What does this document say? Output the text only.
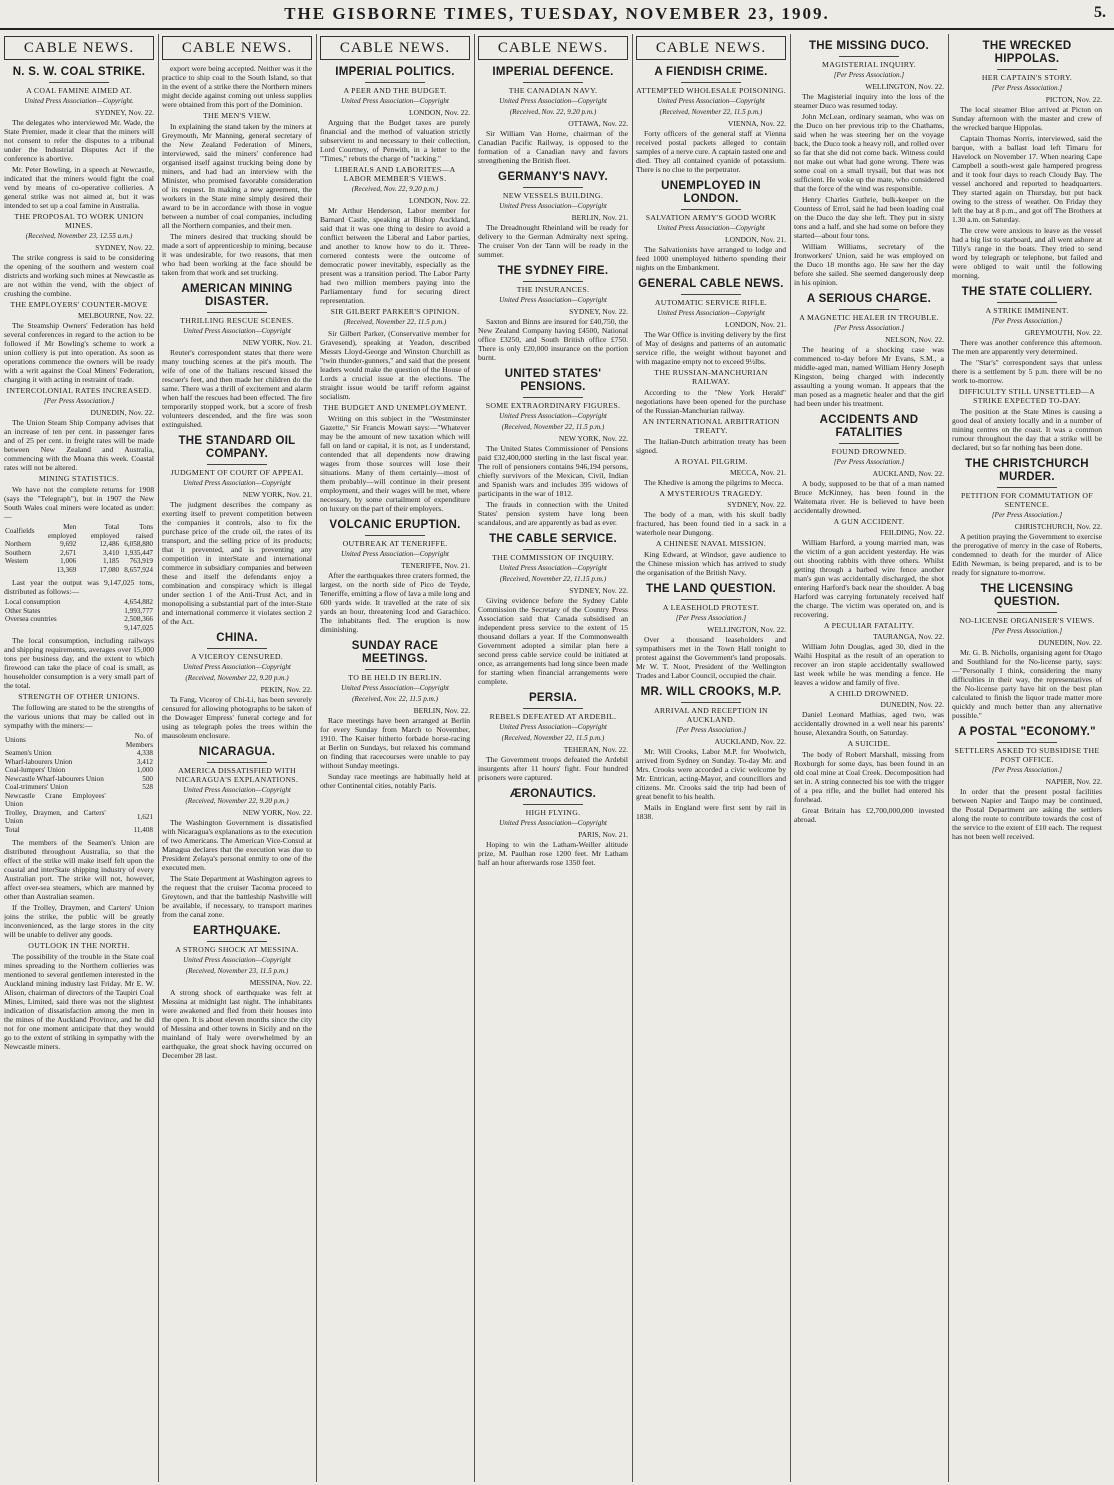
THE GISBORNE TIMES, TUESDAY, NOVEMBER 23, 1909.	5.
CABLE NEWS.
N. S. W. COAL STRIKE.
A COAL FAMINE AIMED AT.
United Press Association—Copyright.
SYDNEY, Nov. 22.

The delegates who interviewed Mr. Wade, the State Premier, made it clear that the miners will not consent to refer the disputes to a tribunal under the Industrial Disputes Act if the conference is abortive.

Mr. Peter Bowling, in a speech at Newcastle, indicated that the miners would fight the coal vend by means of co-operative collieries. A general strike was not aimed at, but it was intended to set up a coal famine in Australia.

THE PROPOSAL TO WORK UNION MINES.
(Received, November 23, 12.55 a.m.)
SYDNEY, Nov. 22.

The strike congress is said to be considering the opening of the southern and western coal districts and working such mines at Newcastle as are not within the vend, with the object of crushing the combine.

THE EMPLOYERS' COUNTER-MOVE
MELBOURNE, Nov. 22.

The Steamship Owners' Federation has held several conferences in regard to the action to be followed if Mr Bowling's scheme to work a union colliery is put into operation. As soon as operations commence the owners will be ready with a writ against the Coal Miners' Federation, charging it with acting in restraint of trade.

INTERCOLONIAL RATES INCREASED.
[Per Press Association.]
DUNEDIN, Nov. 22.

The Union Steam Ship Company advises that an increase of ten per cent. in passenger fares and of 25 per cent. in freight rates will be made between New Zealand and Australia, commencing with the Moana this week. Coastal rates will not be altered.

MINING STATISTICS.

We have not the complete returns for 1908 (says the "Telegraph"), but in 1907 the New South Wales coal miners were located as under:—

Coalfields	Men employed	Total employed	Tons raised
Northern	9,692	12,486	6,058,880
Southern	2,671	3,410	1,935,447
Western	1,006	1,185	763,919
	13,369	17,080	8,657,924

Last year the output was 9,147,025 tons, distributed as follows:—

Local consumption	4,654,882
Other States	1,993,777
Oversea countries	2,508,366
	9,147,025

The local consumption, including railways and shipping requirements, averages over 15,000 tons per business day, and the extent to which firewood can take the place of coal is small, as householder consumption is a very small part of the total.

STRENGTH OF OTHER UNIONS.

The following are stated to be the strengths of the various unions that may be called out in sympathy with the miners:—

Unions	No. of Members
Seamen's Union	4,338
Wharf-labourers Union	3,412
Coal-lumpers' Union	1,000
Newcastle Wharf-labourers Union	500
Coal-trimmers' Union	528
Newcastle Crane Employees' Union	
Trolley, Draymen, and Carters' Union	1,621
Total	11,408

The members of the Seamen's Union are distributed throughout Australia, so that the effect of the strike will make itself felt upon the coastal and interState shipping industry of every Australian port. The strike will not, however, affect over-sea steamers, which are manned by other than Australian seamen.

If the Trolley, Draymen, and Carters' Union joins the strike, the public will be greatly inconvenienced, as the large stores in the city will be unable to deliver any goods.

OUTLOOK IN THE NORTH.

The possibility of the trouble in the State coal mines spreading to the Northern collieries was mentioned to several gentlemen interested in the Auckland mining industry last Friday. Mr E. W. Alison, chairman of directors of the Taupiri Coal Mines, Limited, said there was not the slightest indication of dissatisfaction among the men in the mines of the Auckland Province, and he did not for one moment anticipate that they would go to the extent of striking in sympathy with the Newcastle miners.

CABLE NEWS.

export were being accepted. Neither was it the practice to ship coal to the South Island, so that in the event of a strike there the Northern miners might decide against coming out unless supplies were obtained from this port of the Dominion.

THE MEN'S VIEW.

In explaining the stand taken by the miners at Greymouth, Mr Manning, general secretary of the New Zealand Federation of Miners, interviewed, said the miners' conference had organised itself against trucking being done by miners, and had had an interview with the Minister, who promised favorable consideration of its request. In making a new agreement, the workers in the State mine simply desired their award to be in accordance with those in vogue between a number of coal companies, including all the Northern companies, and their men.

The miners desired that trucking should be made a sort of apprenticeship to mining, because it was undesirable, for two reasons, that men who had been working at the face should be taken from that work and set trucking.

AMERICAN MINING DISASTER.
THRILLING RESCUE SCENES.
United Press Association—Copyright
NEW YORK, Nov. 21.

Reuter's correspondent states that there were many touching scenes at the pit's mouth. The wife of one of the Italians rescued kissed the rescuer's feet, and then made her children do the same. There was a thrill of excitement and alarm when half the rescues had been effected. The fire temporarily stopped work, but a score of fresh volunteers descended, and the fire was soon extinguished.

THE STANDARD OIL COMPANY.
JUDGMENT OF COURT OF APPEAL
United Press Association—Copyright
NEW YORK, Nov. 21.

The judgment describes the company as exerting itself to prevent competition between the companies it controls, also to fix the purchase price of the crude oil, the rates of its transport, and the selling price of its products; that it prevented, and is preventing any competition in interState and international commerce in subsidiary companies and between these and itself the defendants enjoy a combination and conspiracy which is illegal under section 1 of the Anti-Trust Act, and in monopolising a substantial part of the inter-State and international commerce it violates section 2 of the Act.

CHINA.
A VICEROY CENSURED.
United Press Association—Copyright
(Received, November 22, 9.20 p.m.)
PEKIN, Nov. 22.

Ta Fang, Viceroy of Chi-Li, has been severely censured for allowing photographs to be taken of the Dowager Empress' funeral cortege and for using as telegraph poles the trees within the mausoleum enclosure.

NICARAGUA.
AMERICA DISSATISFIED WITH NICARAGUA'S EXPLANATIONS.
United Press Association—Copyright
(Received, November 22, 9.20 p.m.)
NEW YORK, Nov. 22.

The Washington Government is dissatisfied with Nicaragua's explanations as to the execution of two Americans. The American Vice-Consul at Managua declares that the execution was due to President Zelaya's personal enmity to one of the executed men.

The State Department at Washington agrees to the request that the cruiser Tacoma proceed to Greytown, and that the battleship Nashville will be available, if necessary, to transport marines from the canal zone.

EARTHQUAKE.
A STRONG SHOCK AT MESSINA.
United Press Association—Copyright
(Received, November 23, 11.5 p.m.)
MESSINA, Nov. 22.

A strong shock of earthquake was felt at Messina at midnight last night. The inhabitants were awakened and fled from their houses into the open. It is about eleven months since the city of Messina and other towns in Sicily and on the mainland of Italy were overwhelmed by an earthquake, the great shock having occurred on December 28 last.

CABLE NEWS.
IMPERIAL POLITICS.
A PEER AND THE BUDGET.
United Press Association—Copyright
LONDON, Nov. 22.

Arguing that the Budget taxes are purely financial and the method of valuation strictly subservient to and necessary to their collection, Lord Courtney, of Penwith, in a letter to the "Times," rebuts the charge of "tacking."

LIBERALS AND LABORITES—A LABOR MEMBER'S VIEWS.
(Received, Nov. 22, 9.20 p.m.)
LONDON, Nov. 22.

Mr Arthur Henderson, Labor member for Barnard Castle, speaking at Bishop Auckland, said that it was one thing to desire to avoid a conflict between the Liberal and Labor parties, and another to know how to do it. Three-cornered contests were the outcome of democratic power inevitably, especially as the present was a transition period. The Labor Party had two million members paying into the Parliamentary fund for securing direct representation.

SIR GILBERT PARKER'S OPINION.
(Received, November 22, 11.5 p.m.)

Sir Gilbert Parker, (Conservative member for Gravesend), speaking at Yeadon, described Messrs Lloyd-George and Winston Churchill as "twin thunder-gunners," and said that the present leaders would make the question of the House of Lords a crucial issue at the elections. The straight issue would be tariff reform against socialism.

THE BUDGET AND UNEMPLOYMENT.

Writing on this subject in the "Westminster Gazette," Sir Francis Mowatt says:—"Whatever may be the amount of new taxation which will fall on land or capital, it is not, as I understand, contended that all dependents now drawing wages from those sources will lose their situations. Many of them certainly—most of them probably—will continue in their present employment, and their wages will be met, where necessary, by some curtailment of expenditure on luxury on the part of their employers.

VOLCANIC ERUPTION.
OUTBREAK AT TENERIFFE.
United Press Association—Copyright
TENERIFFE, Nov. 21.

After the earthquakes three craters formed, the largest, on the north side of Pico de Teyde, Teneriffe, emitting a flow of lava a mile long and 600 yards wide. It travelled at the rate of six yards an hour, threatening Icod and Garachico. The inhabitants fled. The eruption is now diminishing.

SUNDAY RACE MEETINGS.
TO BE HELD IN BERLIN.
United Press Association—Copyright
(Received, Nov. 22, 11.5 p.m.)
BERLIN, Nov. 22.

Race meetings have been arranged at Berlin for every Sunday from March to November, 1910. The Kaiser hitherto forbade horse-racing at Berlin on Sundays, but relaxed his command on finding that racecourses were unable to pay without Sunday meetings.

Sunday race meetings are habitually held at other Continental cities, notably Paris.

CABLE NEWS.
IMPERIAL DEFENCE.
THE CANADIAN NAVY.
United Press Association—Copyright
(Received, Nov. 22, 9.20 p.m.)
OTTAWA, Nov. 22.

Sir William Van Horne, chairman of the Canadian Pacific Railway, is opposed to the formation of a Canadian navy and favors strengthening the British fleet.

GERMANY'S NAVY.
NEW VESSELS BUILDING.
United Press Association—Copyright
BERLIN, Nov. 21.

The Dreadnought Rheinland will be ready for delivery to the German Admiralty next spring. The cruiser Von der Tann will be ready in the summer.

THE SYDNEY FIRE.
THE INSURANCES.
United Press Association—Copyright
SYDNEY, Nov. 22.

Saxton and Binns are insured for £40,750, the New Zealand Company having £4500, National office £3250, and South British office £750. There is only £20,000 insurance on the portion burnt.

UNITED STATES' PENSIONS.
SOME EXTRAORDINARY FIGURES.
United Press Association—Copyright
(Received, November 22, 11.5 p.m.)
NEW YORK, Nov. 22.

The United States Commissioner of Pensions paid £32,400,000 sterling in the last fiscal year. The roll of pensioners contains 946,194 persons, chiefly survivors of the Mexican, Civil, Indian and Spanish wars and includes 395 widows of participants in the war of 1812.

The frauds in connection with the United States' pension system have long been scandalous, and are apparently as bad as ever.

THE CABLE SERVICE.
THE COMMISSION OF INQUIRY.
United Press Association—Copyright
(Received, November 22, 11.15 p.m.)
SYDNEY, Nov. 22.

Giving evidence before the Sydney Cable Commission the Secretary of the Country Press Association said that Canada subsidised an independent press service to the extent of 15 thousand dollars a year. If the Commonwealth Government adopted a similar plan here a second press cable service could be initiated at once, as arrangements had long since been made for starting when financial arrangements were complete.

PERSIA.
REBELS DEFEATED AT ARDEBIL.
United Press Association—Copyright
(Received, November 22, 11.5 p.m.)
TEHERAN, Nov. 22.

The Government troops defeated the Ardebil insurgents after 11 hours' fight. Four hundred prisoners were captured.

ÆRONAUTICS.
HIGH FLYING.
United Press Association—Copyright
PARIS, Nov. 21.

Hoping to win the Latham-Weiller altitude prize, M. Paulhan rose 1200 feet. Mr Latham half an hour afterwards rose 1350 feet.

CABLE NEWS.
A FIENDISH CRIME.
ATTEMPTED WHOLESALE POISONING.
United Press Association—Copyright
(Received, November 22, 11.5 p.m.)
VIENNA, Nov. 22.

Forty officers of the general staff at Vienna received postal packets alleged to contain samples of a nerve cure. A captain tasted one and died. They all contained cyanide of potassium. There is no clue to the perpetrator.

UNEMPLOYED IN LONDON.
SALVATION ARMY'S GOOD WORK
United Press Association—Copyright
LONDON, Nov. 21.

The Salvationists have arranged to lodge and feed 1000 unemployed hitherto spending their nights on the Embankment.

GENERAL CABLE NEWS.
AUTOMATIC SERVICE RIFLE.
United Press Association—Copyright
LONDON, Nov. 21.

The War Office is inviting delivery by the first of May of designs and patterns of an automatic service rifle, the weight without bayonet and with magazine empty not to exceed 9½lbs.

THE RUSSIAN-MANCHURIAN RAILWAY.

According to the "New York Herald" negotiations have been opened for the purchase of the Russian-Manchurian railway.

AN INTERNATIONAL ARBITRATION TREATY.

The Italian-Dutch arbitration treaty has been signed.

A ROYAL PILGRIM.
MECCA, Nov. 21.

The Khedive is among the pilgrims to Mecca.

A MYSTERIOUS TRAGEDY.
SYDNEY, Nov. 22.

The body of a man, with his skull badly fractured, has been found tied in a sack in a waterhole near Dungong.

A CHINESE NAVAL MISSION.

King Edward, at Windsor, gave audience to the Chinese mission which has arrived to study the organisation of the British Navy.

THE LAND QUESTION.
A LEASEHOLD PROTEST.
[Per Press Association.]
WELLINGTON, Nov. 22.

Over a thousand leaseholders and sympathisers met in the Town Hall tonight to protest against the Government's land proposals. Mr W. T. Noot, President of the Wellington Trades and Labor Council, occupied the chair.

MR. WILL CROOKS, M.P.
ARRIVAL AND RECEPTION IN AUCKLAND.
[Per Press Association.]
AUCKLAND, Nov. 22.

Mr. Will Crooks, Labor M.P. for Woolwich, arrived from Sydney on Sunday. To-day Mr. and Mrs. Crooks were accorded a civic welcome by Mr. Entrican, acting-Mayor, and councillors and citizens. Mr. Crooks said the trip had been of great benefit to his health.

Mails in England were first sent by rail in 1838.

THE MISSING DUCO.
MAGISTERIAL INQUIRY.
[Per Press Association.]
WELLINGTON, Nov. 22.

The Magisterial inquiry into the loss of the steamer Duco was resumed today.

John McLean, ordinary seaman, who was on the Duco on her previous trip to the Chathams, said when he was steering her on the voyage back, the Duco took a heavy roll, and rolled over so far that she did not come back. Witness could not make out what had gone wrong. There was some coal on a small trysail, but that was not sufficient. He woke up the mate, who considered that the force of the wind was responsible.

Henry Charles Guthrie, bulk-keeper on the Countess of Errol, said he had been loading coal on the Duco the day she left. They put in sixty tons and a half, and she had some on before they started—about four tons.

William Williams, secretary of the Ironworkers' Union, said he was employed on the Duco 18 months ago. He saw her the day before she sailed. She seemed dangerously deep in his opinion.

A SERIOUS CHARGE.
A MAGNETIC HEALER IN TROUBLE.
[Per Press Association.]
NELSON, Nov. 22.

The hearing of a shocking case was commenced to-day before Mr Evans, S.M., a middle-aged man, named William Henry Joseph Kingston, being charged with indecently assaulting a young woman. It appears that the man posed as a magnetic healer and that the girl had been under his treatment.

ACCIDENTS AND FATALITIES
FOUND DROWNED.
[Per Press Association.]
AUCKLAND, Nov. 22.

A body, supposed to be that of a man named Bruce McKinney, has been found in the Waitemata river. He is believed to have been accidentally drowned.

A GUN ACCIDENT.
FEILDING, Nov. 22.

William Harford, a young married man, was the victim of a gun accident yesterday. He was out shooting rabbits with three others. Whilst getting through a barbed wire fence another man's gun was accidentally discharged, the shot entering Harford's back near the shoulder. A bag Harford was carrying fortunately received half the charge. The victim was operated on, and is recovering.

A PECULIAR FATALITY.
TAURANGA, Nov. 22.

William John Douglas, aged 30, died in the Waihi Hospital as the result of an operation to recover an iron staple accidentally swallowed last week while he was mending a fence. He leaves a widow and family of five.

A CHILD DROWNED.
DUNEDIN, Nov. 22.

Daniel Leonard Mathias, aged two, was accidentally drowned in a well near his parents' house, Alexandra South, on Saturday.

A SUICIDE.

The body of Robert Marshall, missing from Roxburgh for some days, has been found in an old coal mine at Coal Creek. Decomposition had set in. A string connected his toe with the trigger of a pea rifle, and the bullet had entered his forehead.

Great Britain has £2,700,000,000 invested abroad.

THE WRECKED HIPPOLAS.
HER CAPTAIN'S STORY.
[Per Press Association.]
PICTON, Nov. 22.

The local steamer Blue arrived at Picton on Sunday afternoon with the master and crew of the wrecked barque Hippolas.

Captain Thomas Norris, interviewed, said the barque, with a ballast load left Timaru for Havelock on November 17. When nearing Cape Campbell a south-west gale hampered progress and it took four days to reach Cloudy Bay. The vessel anchored and reported to headquarters. They started again on Thursday, but put back owing to the stress of weather. On Friday they left the bay at 8 p.m., and got off The Brothers at 1.30 a.m. on Saturday.

The crew were anxious to leave as the vessel had a big list to starboard, and all went ashore at Tilly's range in the boats. They tried to send word by telegraph or telephone, but failed and were obliged to wait until the following morning.

THE STATE COLLIERY.
A STRIKE IMMINENT.
[Per Press Association.]
GREYMOUTH, Nov. 22.

There was another conference this afternoon. The men are apparently very determined.

The "Star's" correspondent says that unless there is a settlement by 5 p.m. there will be no work to-morrow.

DIFFICULTY STILL UNSETTLED—A STRIKE EXPECTED TO-DAY.

The position at the State Mines is causing a good deal of anxiety locally and in a number of mining centres on the coast. It was a common rumour throughout the day that a strike will be declared, but so far nothing has been done.

THE CHRISTCHURCH MURDER.
PETITION FOR COMMUTATION OF SENTENCE.
[Per Press Association.]
CHRISTCHURCH, Nov. 22.

A petition praying the Government to exercise the prerogative of mercy in the case of Roberts, condemned to death for the murder of Alice Edith Newman, is being prepared, and is to be ready for signature to-morrow.

THE LICENSING QUESTION.
NO-LICENSE ORGANISER'S VIEWS.
[Per Press Association.]
DUNEDIN, Nov. 22.

Mr. G. B. Nicholls, organising agent for Otago and Southland for the No-license party, says:—"Personally I think, considering the many difficulties in their way, the representatives of the No-license party have hit on the best plan calculated to finish the liquor trade matter more quickly and much better than any alternative possible."

A POSTAL "ECONOMY."
SETTLERS ASKED TO SUBSIDISE THE POST OFFICE.
[Per Press Association.]
NAPIER, Nov. 22.

In order that the present postal facilities between Napier and Taupo may be continued, the Postal Department are asking the settlers along the route to contribute towards the cost of the service to the extent of £10 each. The request has not been well received.
